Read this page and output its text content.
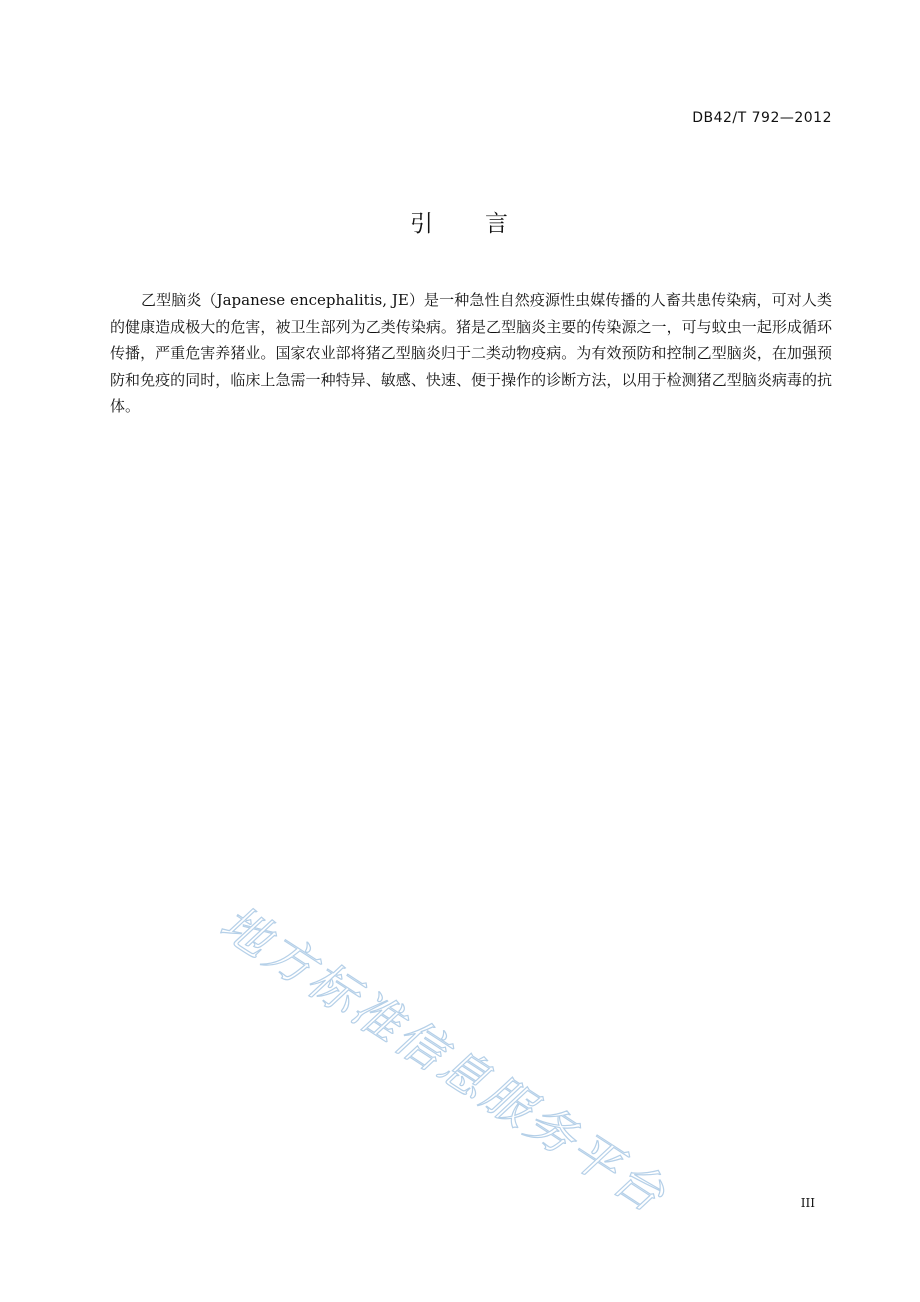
DB42/T 792—2012
引 言

乙型脑炎（Japanese encephalitis, JE）是一种急性自然疫源性虫媒传播的人畜共患传染病，可对人类的健康造成极大的危害，被卫生部列为乙类传染病。猪是乙型脑炎主要的传染源之一，可与蚊虫一起形成循环传播，严重危害养猪业。国家农业部将猪乙型脑炎归于二类动物疫病。为有效预防和控制乙型脑炎，在加强预防和免疫的同时，临床上急需一种特异、敏感、快速、便于操作的诊断方法，以用于检测猪乙型脑炎病毒的抗体。

地方标准信息服务平台	III
